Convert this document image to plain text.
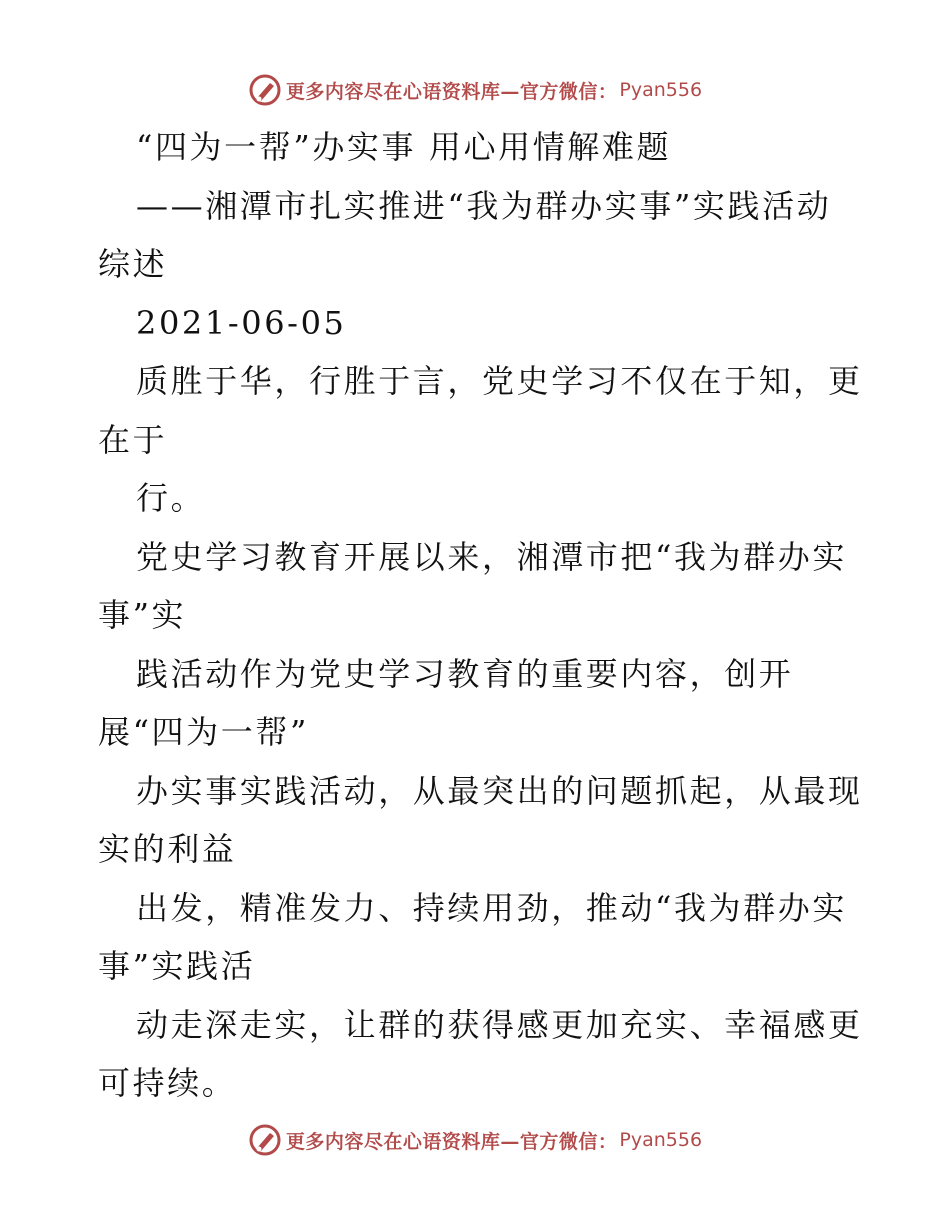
更多内容尽在心语资料库—官方微信： Pyan556
“四为一帮”办实事 用心用情解难题
——湘潭市扎实推进“我为群办实事”实践活动
综述
2021-06-05
质胜于华，行胜于言，党史学习不仅在于知，更
在于
行。
党史学习教育开展以来，湘潭市把“我为群办实
事”实
践活动作为党史学习教育的重要内容，创开
展“四为一帮”
办实事实践活动，从最突出的问题抓起，从最现
实的利益
出发，精准发力、持续用劲，推动“我为群办实
事”实践活
动走深走实，让群的获得感更加充实、幸福感更
可持续。
更多内容尽在心语资料库—官方微信： Pyan556
